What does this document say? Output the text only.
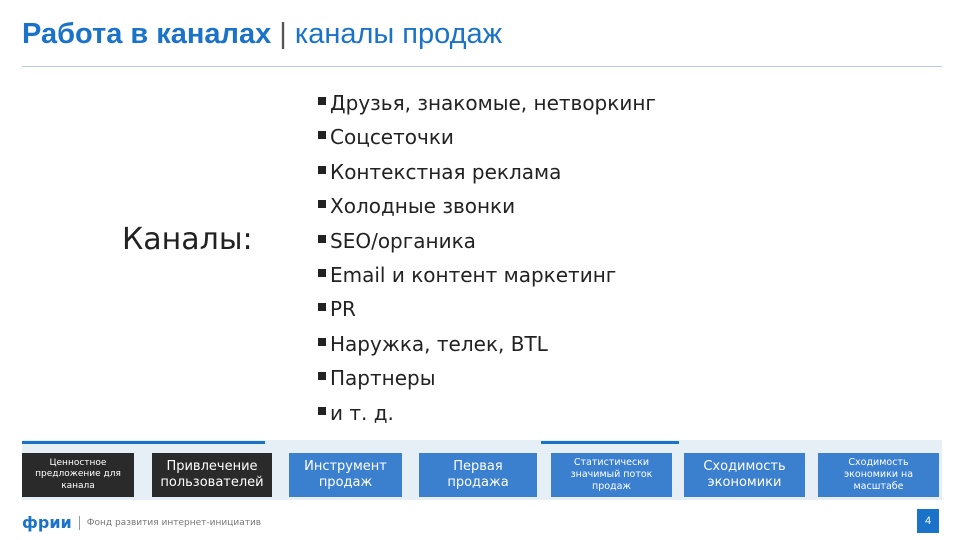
Работа в каналах | каналы продаж
Каналы:
Друзья, знакомые, нетворкинг
Соцсеточки
Контекстная реклама
Холодные звонки
SEO/органика
Email и контент маркетинг
PR
Наружка, телек, BTL
Партнеры
и т. д.
Ценностное предложение для канала
Привлечение пользователей
Инструмент продаж
Первая продажа
Статистически значимый поток продаж
Сходимость экономики
Сходимость экономики на масштабе
фрии Фонд развития интернет-инициатив	4
